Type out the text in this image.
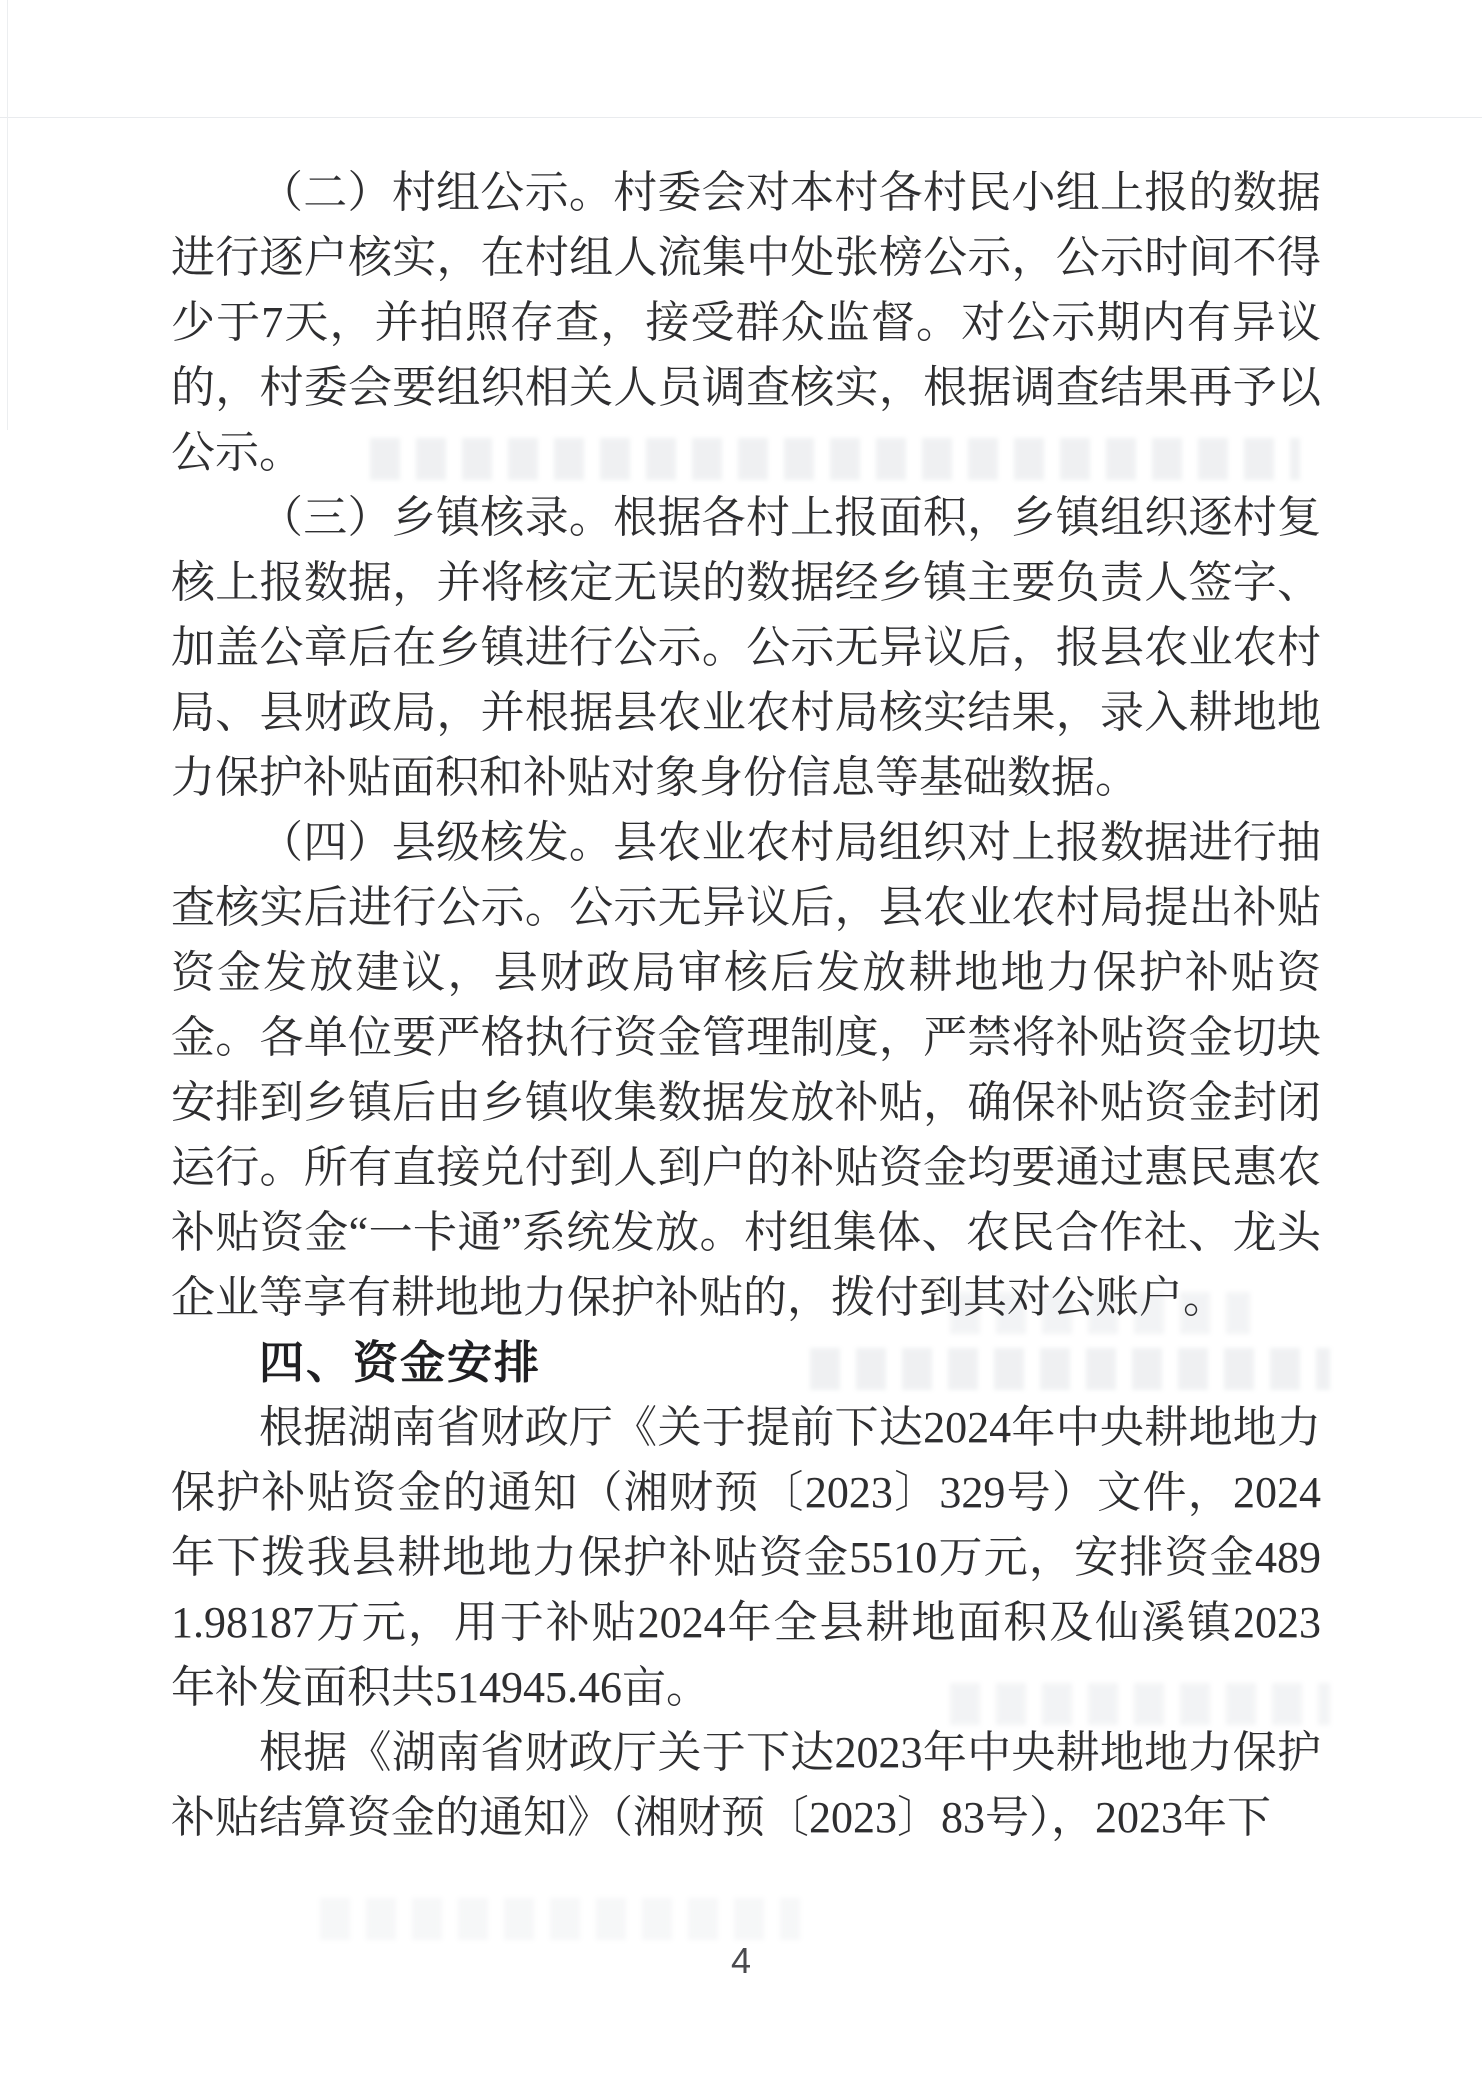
（二）村组公示。村委会对本村各村民小组上报的数据进行逐户核实，在村组人流集中处张榜公示，公示时间不得少于7天，并拍照存查，接受群众监督。对公示期内有异议的，村委会要组织相关人员调查核实，根据调查结果再予以公示。

（三）乡镇核录。根据各村上报面积，乡镇组织逐村复核上报数据，并将核定无误的数据经乡镇主要负责人签字、加盖公章后在乡镇进行公示。公示无异议后，报县农业农村局、县财政局，并根据县农业农村局核实结果，录入耕地地力保护补贴面积和补贴对象身份信息等基础数据。

（四）县级核发。县农业农村局组织对上报数据进行抽查核实后进行公示。公示无异议后，县农业农村局提出补贴资金发放建议，县财政局审核后发放耕地地力保护补贴资金。各单位要严格执行资金管理制度，严禁将补贴资金切块安排到乡镇后由乡镇收集数据发放补贴，确保补贴资金封闭运行。所有直接兑付到人到户的补贴资金均要通过惠民惠农补贴资金“一卡通”系统发放。村组集体、农民合作社、龙头企业等享有耕地地力保护补贴的，拨付到其对公账户。

四、资金安排

根据湖南省财政厅《关于提前下达2024年中央耕地地力保护补贴资金的通知（湘财预〔2023〕329号）文件，2024年下拨我县耕地地力保护补贴资金5510万元，安排资金4891.98187万元，用于补贴2024年全县耕地面积及仙溪镇2023年补发面积共514945.46亩。

根据《湖南省财政厅关于下达2023年中央耕地地力保护补贴结算资金的通知》（湘财预〔2023〕83号），2023年下

4
